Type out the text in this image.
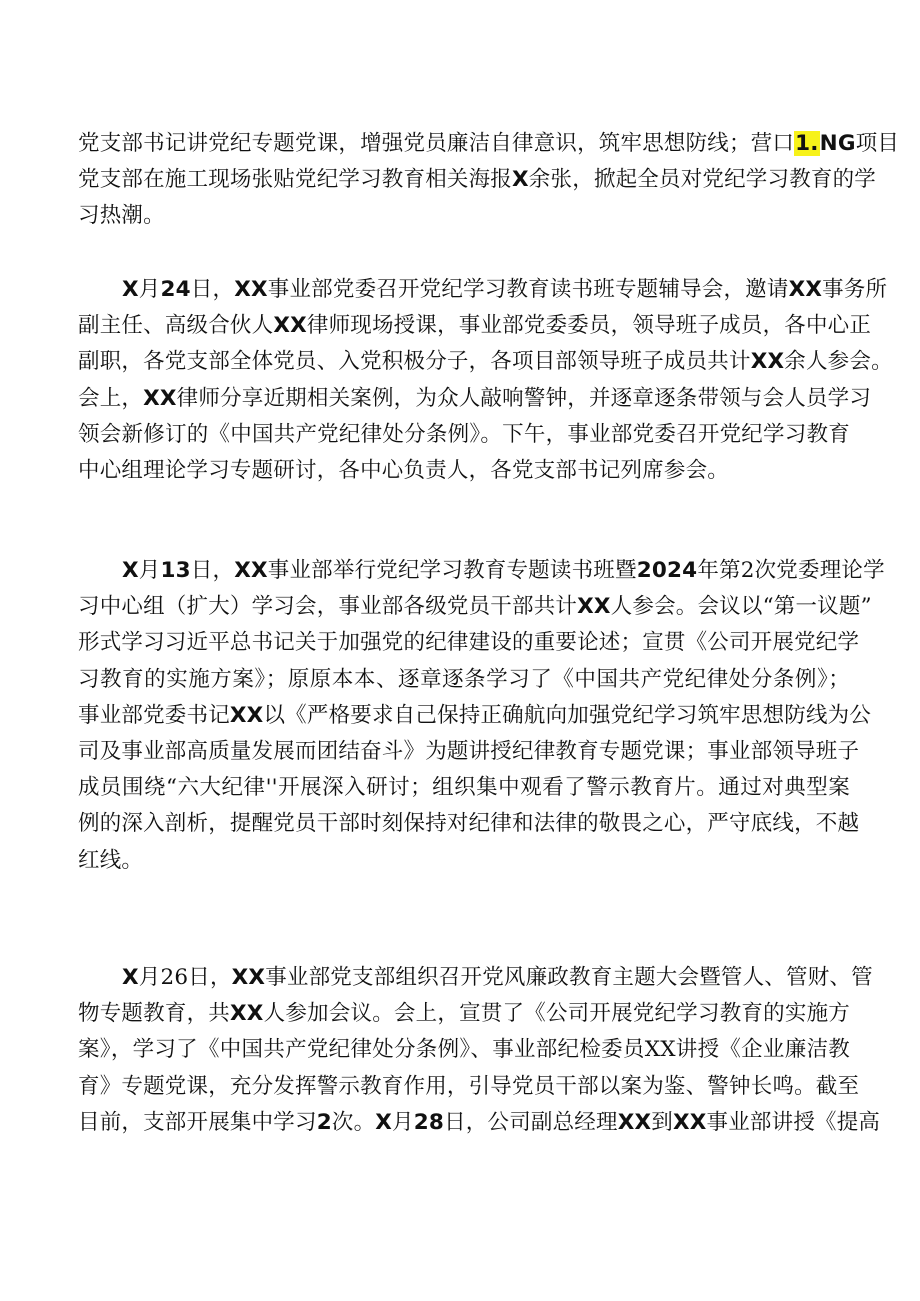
党支部书记讲党纪专题党课，增强党员廉洁自律意识，筑牢思想防线；营口1.NG项目
党支部在施工现场张贴党纪学习教育相关海报X余张，掀起全员对党纪学习教育的学
习热潮。

X月24日，XX事业部党委召开党纪学习教育读书班专题辅导会，邀请XX事务所
副主任、高级合伙人XX律师现场授课，事业部党委委员，领导班子成员，各中心正
副职，各党支部全体党员、入党积极分子，各项目部领导班子成员共计XX余人参会。
会上，XX律师分享近期相关案例，为众人敲响警钟，并逐章逐条带领与会人员学习
领会新修订的《中国共产党纪律处分条例》。下午，事业部党委召开党纪学习教育
中心组理论学习专题研讨，各中心负责人，各党支部书记列席参会。

X月13日，XX事业部举行党纪学习教育专题读书班暨2024年第2次党委理论学
习中心组（扩大）学习会，事业部各级党员干部共计XX人参会。会议以“第一议题”
形式学习习近平总书记关于加强党的纪律建设的重要论述；宣贯《公司开展党纪学
习教育的实施方案》；原原本本、逐章逐条学习了《中国共产党纪律处分条例》；
事业部党委书记XX以《严格要求自己保持正确航向加强党纪学习筑牢思想防线为公
司及事业部高质量发展而团结奋斗》为题讲授纪律教育专题党课；事业部领导班子
成员围绕“六大纪律''开展深入研讨；组织集中观看了警示教育片。通过对典型案
例的深入剖析，提醒党员干部时刻保持对纪律和法律的敬畏之心，严守底线，不越
红线。

X月26日，XX事业部党支部组织召开党风廉政教育主题大会暨管人、管财、管
物专题教育，共XX人参加会议。会上，宣贯了《公司开展党纪学习教育的实施方
案》，学习了《中国共产党纪律处分条例》、事业部纪检委员XX讲授《企业廉洁教
育》专题党课，充分发挥警示教育作用，引导党员干部以案为鉴、警钟长鸣。截至
目前，支部开展集中学习2次。X月28日，公司副总经理XX到XX事业部讲授《提高
